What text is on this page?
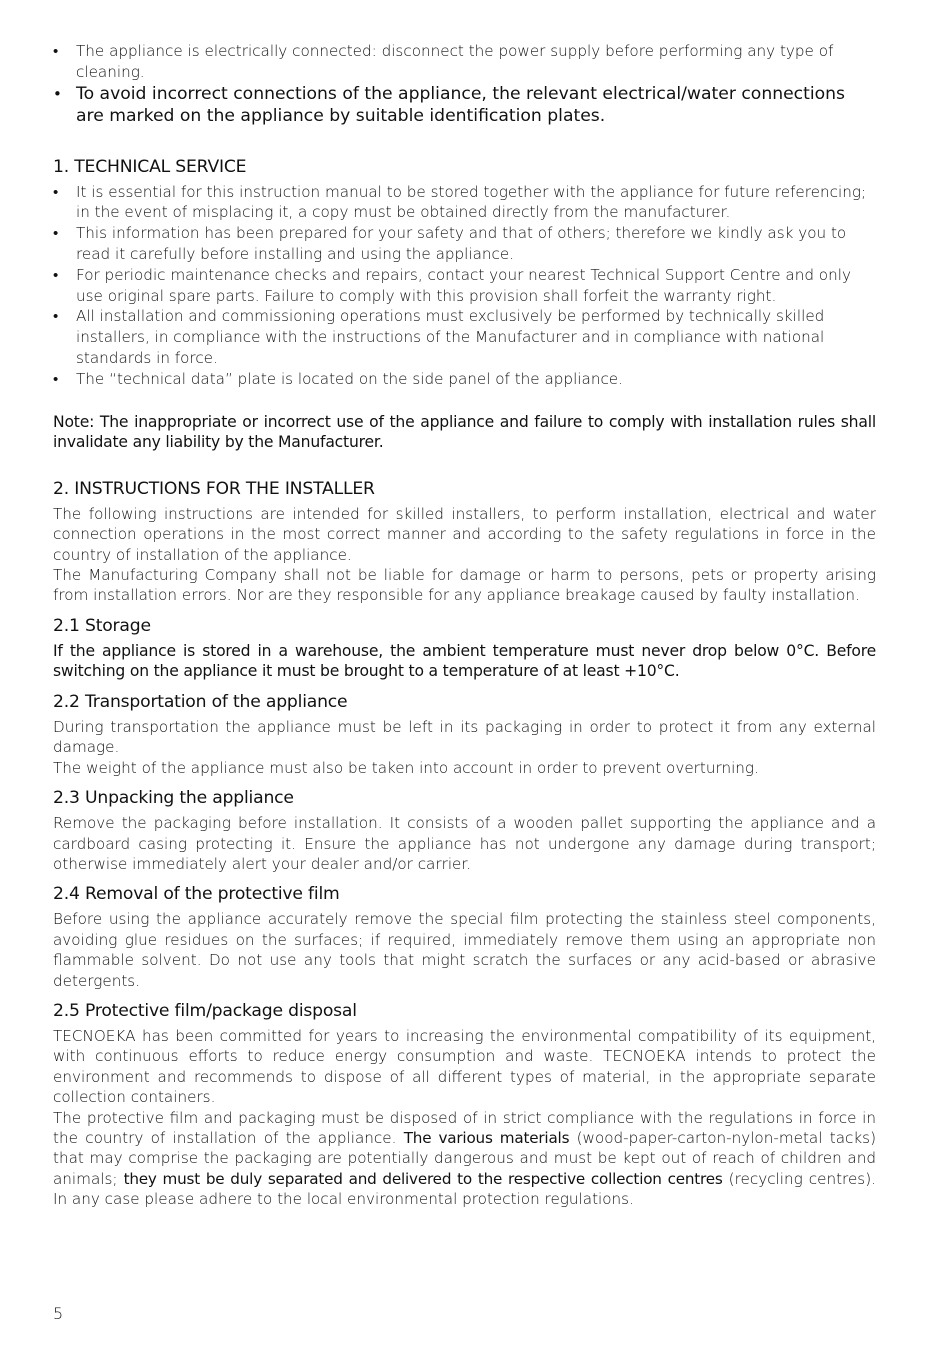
• The appliance is electrically connected: disconnect the power supply before performing any type of cleaning.
• To avoid incorrect connections of the appliance, the relevant electrical/water connections are marked on the appliance by suitable identification plates.
1. TECHNICAL SERVICE
• It is essential for this instruction manual to be stored together with the appliance for future referencing; in the event of misplacing it, a copy must be obtained directly from the manufacturer.
• This information has been prepared for your safety and that of others; therefore we kindly ask you to read it carefully before installing and using the appliance.
• For periodic maintenance checks and repairs, contact your nearest Technical Support Centre and only use original spare parts. Failure to comply with this provision shall forfeit the warranty right.
• All installation and commissioning operations must exclusively be performed by technically skilled installers, in compliance with the instructions of the Manufacturer and in compliance with national standards in force.
• The “technical data” plate is located on the side panel of the appliance.

Note: The inappropriate or incorrect use of the appliance and failure to comply with installation rules shall invalidate any liability by the Manufacturer.

2. INSTRUCTIONS FOR THE INSTALLER

The following instructions are intended for skilled installers, to perform installation, electrical and water connection operations in the most correct manner and according to the safety regulations in force in the country of installation of the appliance.

The Manufacturing Company shall not be liable for damage or harm to persons, pets or property arising from installation errors. Nor are they responsible for any appliance breakage caused by faulty installation.

2.1 Storage

If the appliance is stored in a warehouse, the ambient temperature must never drop below 0°C. Before switching on the appliance it must be brought to a temperature of at least +10°C.

2.2 Transportation of the appliance

During transportation the appliance must be left in its packaging in order to protect it from any external damage.

The weight of the appliance must also be taken into account in order to prevent overturning.

2.3 Unpacking the appliance

Remove the packaging before installation. It consists of a wooden pallet supporting the appliance and a cardboard casing protecting it. Ensure the appliance has not undergone any damage during transport; otherwise immediately alert your dealer and/or carrier.

2.4 Removal of the protective film

Before using the appliance accurately remove the special film protecting the stainless steel components, avoiding glue residues on the surfaces; if required, immediately remove them using an appropriate non flammable solvent. Do not use any tools that might scratch the surfaces or any acid-based or abrasive detergents.

2.5 Protective film/package disposal

TECNOEKA has been committed for years to increasing the environmental compatibility of its equipment, with continuous efforts to reduce energy consumption and waste. TECNOEKA intends to protect the environment and recommends to dispose of all different types of material, in the appropriate separate collection containers.

The protective film and packaging must be disposed of in strict compliance with the regulations in force in the country of installation of the appliance. The various materials (wood-paper-carton-nylon-metal tacks) that may comprise the packaging are potentially dangerous and must be kept out of reach of children and animals; they must be duly separated and delivered to the respective collection centres (recycling centres). In any case please adhere to the local environmental protection regulations.

5
